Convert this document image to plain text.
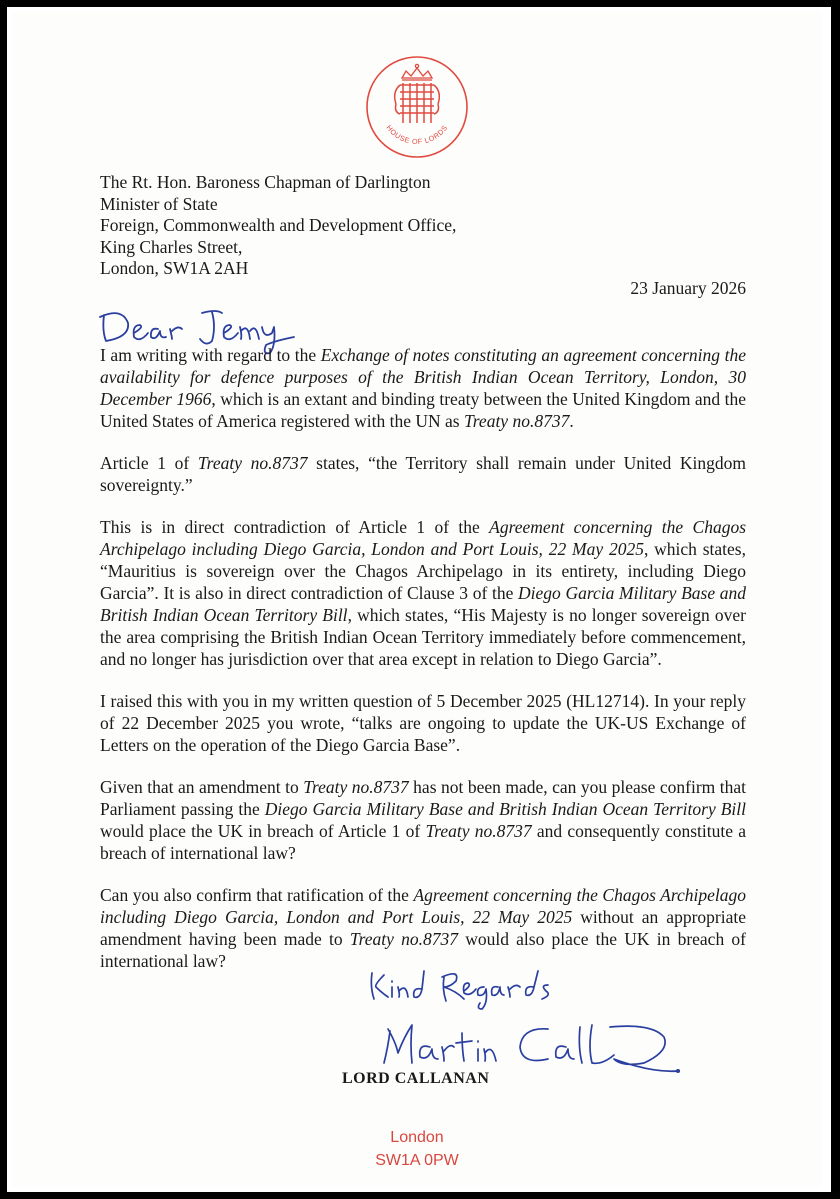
HOUSE OF LORDS
The Rt. Hon. Baroness Chapman of Darlington
Minister of State
Foreign, Commonwealth and Development Office,
King Charles Street,
London, SW1A 2AH
23 January 2026

I am writing with regard to the Exchange of notes constituting an agreement concerning the availability for defence purposes of the British Indian Ocean Territory, London, 30 December 1966, which is an extant and binding treaty between the United Kingdom and the United States of America registered with the UN as Treaty no.8737.

Article 1 of Treaty no.8737 states, “the Territory shall remain under United Kingdom sovereignty.”

This is in direct contradiction of Article 1 of the Agreement concerning the Chagos Archipelago including Diego Garcia, London and Port Louis, 22 May 2025, which states, “Mauritius is sovereign over the Chagos Archipelago in its entirety, including Diego Garcia”. It is also in direct contradiction of Clause 3 of the Diego Garcia Military Base and British Indian Ocean Territory Bill, which states, “His Majesty is no longer sovereign over the area comprising the British Indian Ocean Territory immediately before commencement, and no longer has jurisdiction over that area except in relation to Diego Garcia”.

I raised this with you in my written question of 5 December 2025 (HL12714). In your reply of 22 December 2025 you wrote, “talks are ongoing to update the UK-US Exchange of Letters on the operation of the Diego Garcia Base”.

Given that an amendment to Treaty no.8737 has not been made, can you please confirm that Parliament passing the Diego Garcia Military Base and British Indian Ocean Territory Bill would place the UK in breach of Article 1 of Treaty no.8737 and consequently constitute a breach of international law?

Can you also confirm that ratification of the Agreement concerning the Chagos Archipelago including Diego Garcia, London and Port Louis, 22 May 2025 without an appropriate amendment having been made to Treaty no.8737 would also place the UK in breach of international law?

LORD CALLANAN
London
SW1A 0PW
